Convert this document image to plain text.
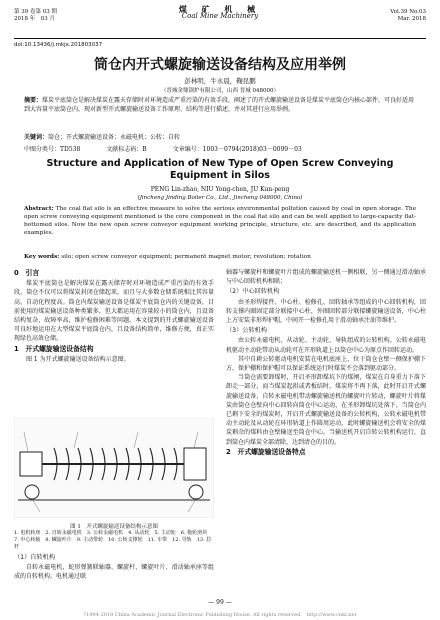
第 39 卷第 03 期
2018 年　03 月
煤 矿 机 械
Coal Mine Machinery	Vol.39 No.03
Mar. 2018
doi:10.13436/j.mkjx.201803037
筒仓内开式螺旋输送设备结构及应用举例
彭林明，牛永晨，鞠昆鹏
（晋城金鼎锅炉有限公司，山西 晋城 048000）
摘要：煤炭平底筒仓是解决煤炭在露天存储时对环境造成严重污染的有效手段。阐述了的开式螺旋输送设备是煤炭平底筒仓内核心部件，可良好适用到大容量平底筒仓内。现对新型开式螺旋输送设备工作原理、结构等进行描述，并对其进行应用举例。
关键词：筒仓；开式螺旋输送设备；永磁电机；公转；自转
中图分类号：TD538	文献标志码：B	文章编号：1003－0794(2018)03－0099－03
Structure and Application of New Type of Open Screw Conveying Equipment in Silos
PENG Lin-zhao, NIU Yong-chen, JU Kun-peng
(Jincheng Jinding Boiler Co., Ltd., Jincheng 048000, China)
Abstract: The coal flat silo is an effective measure to solve the serious environmental pollution caused by coal in open storage. The open screw conveying equipment mentioned is the core component in the coal flat silo and can be well applied to large-capacity flat-bottomed silos. Now the new open screw conveyor equipment working principle, structure, etc. are described, and its application examples.
Key words: silo; open screw conveyor equipment; permanent magnet motor; revolution; rotation
0　引言

煤炭平底筒仓是解决煤炭在露天储存时对环境造成严重污染的有效手段，筒仓不仅可以将煤炭封闭仓储起来，而且与大多数仓储系统相比其容量高、自动化程度高。筒仓内煤炭输送设备是煤炭平底筒仓内的关键设备，目前使用的煤炭输送设备种类繁多，但大都运用在容量较小的筒仓内，且设备结构复杂，故障率高，维护检修困难等问题。本文提到的开式螺旋输送设备可良好地运用在大型煤炭平底筒仓内，且设备结构简单，维修方便，真正实现绿色高效仓储。

1　开式螺旋输送设备结构

图 1 为开式螺旋输送设备结构示意图。

图 1　开式螺旋输送设备结构示意图
1. 电机转座　2. 自转永磁电机　3. 公转永磁电机　4. 从动轮　5. 主动轮　6. 拖轮滑块　7. 中心转轴　8. 螺旋叶片　9. 主动带轮　10. 公转支撑轮　11. 车带　12. 导轨　13. 拉杆
（1）自转机构

自转永磁电机、蛇形弹簧联轴器、螺旋杆、螺旋叶片、滑动轴承座等组成的自转机构。电机通过联

轴器与螺旋杆和螺旋叶片组成的螺旋输送机一侧相联，另一侧通过滑动轴承与中心回转机构相联；

（2）中心回转机构

由圣形焊接件、中心柱、检修孔、回转轴承等组成的中心回转机构，回转支撑内圈固定部分联接中心柱，外圈回转部分联接螺旋输送设备，中心柱上方安装非形焊护帽，中间开一检修孔用于滑动轴承注油等维护。

（3）公转机构

由公转永磁电机、从动轮、主动轮、导轨组成的公转机构。公转永磁电机驱动主动轮带动从动轮可在开形轨道上以筒仓中心为原点作回转运动。

其中自耕公转驱动电机安装在电机底座上，位于筒仓仓壁一侧保护棚下方，保护棚和保护帽可以保证系统运行时煤炭不会落到驱动部分。

当筒仓需要卸煤时，开启圣形卸煤坑下的煤闸，煤炭在自身重力下落下卸走一部分，而当煤炭起拱或者板结时，煤炭将不再下落，此时开启开式螺旋输送设备，自转永磁电机带动螺旋输送机的螺旋叶片转动，螺旋叶片将煤炭由筒仓仓壁向中心回转向筒仓中心运动，在圣形卸煤坑处落下。当筒仓内已剩下安全的煤炭时，开启开式螺旋输送设备的公转机构，公转永磁电机带动主动轮及从动轮在环形轨道上作圆周运动，此时螺旋输送机会将安全的煤炭剩余的煤料由仓壁输送至筒仓中心。当输送机开启自转公转机构运行，直到筒仓内煤炭全部清除，达到清仓的目的。

2　开式螺旋输送设备特点
— 99 —
?1994-2018 China Academic Journal Electronic Publishing House. All rights reserved.　http://www.cnki.net
